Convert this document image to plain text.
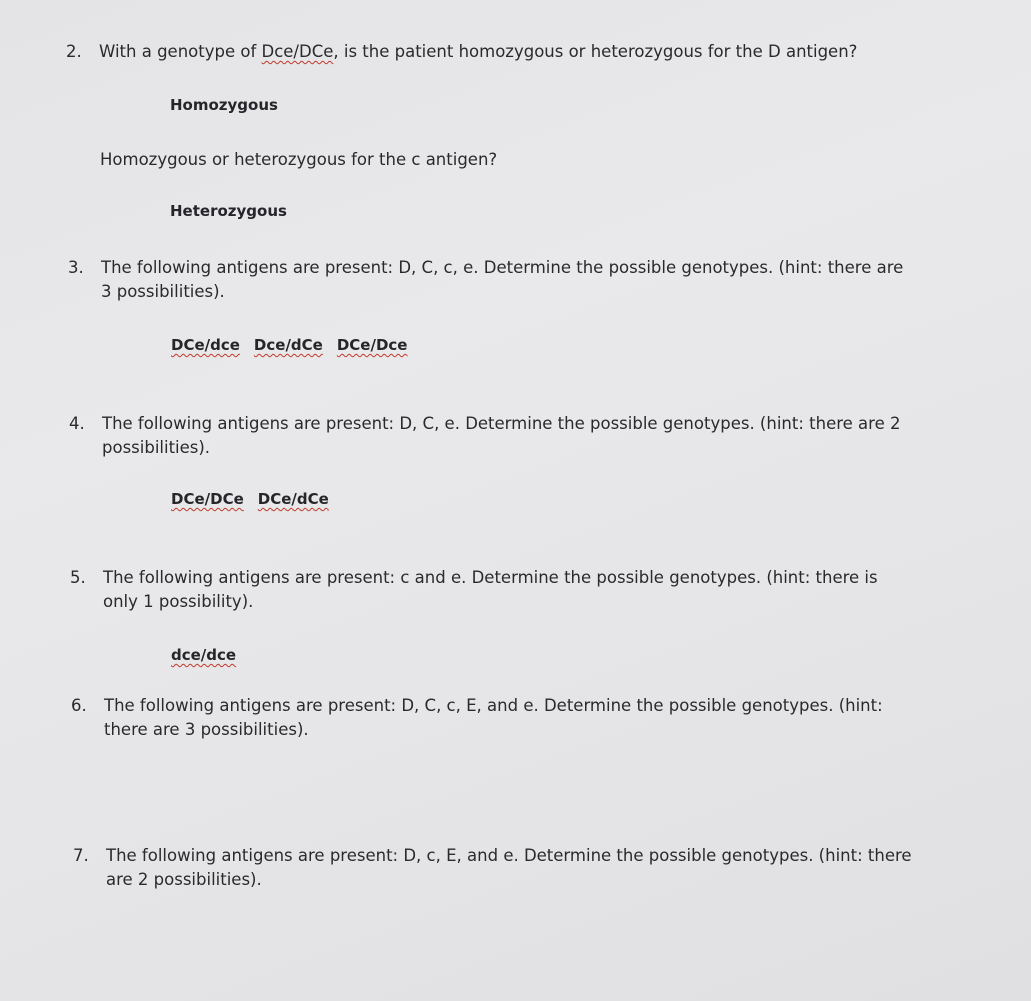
2. With a genotype of Dce/DCe, is the patient homozygous or heterozygous for the D antigen?
Homozygous
Homozygous or heterozygous for the c antigen?
Heterozygous
3. The following antigens are present: D, C, c, e. Determine the possible genotypes. (hint: there are
3 possibilities).
DCe/dce Dce/dCe DCe/Dce
4. The following antigens are present: D, C, e. Determine the possible genotypes. (hint: there are 2
possibilities).
DCe/DCe DCe/dCe
5. The following antigens are present: c and e. Determine the possible genotypes. (hint: there is
only 1 possibility).
dce/dce
6. The following antigens are present: D, C, c, E, and e. Determine the possible genotypes. (hint:
there are 3 possibilities).
7. The following antigens are present: D, c, E, and e. Determine the possible genotypes. (hint: there
are 2 possibilities).
